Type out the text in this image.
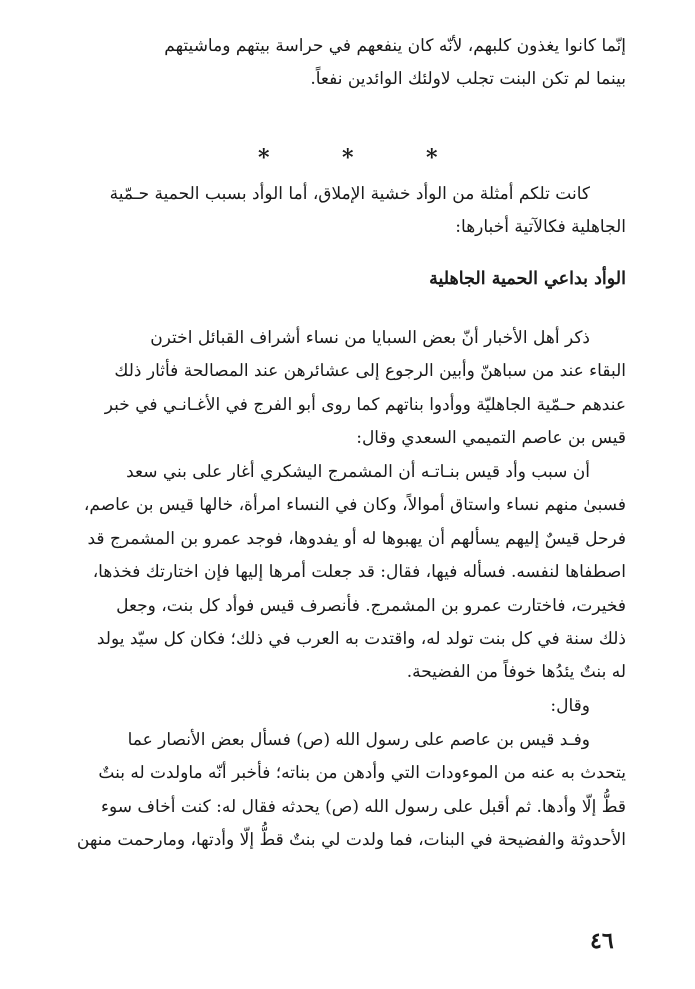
إنّما كانوا يغذون كلبهم، لأنّه كان ينفعهم في حراسة بيتهم وماشيتهم

بينما لم تكن البنت تجلب لاولئك الوائدين نفعاً.

*	*	*

كانت تلكم أمثلة من الوأد خشية الإملاق، أما الوأد بسبب الحمية حـمّية

الجاهلية فكالآتية أخبارها:

الوأد بداعي الحمية الجاهلية

ذكر أهل الأخبار أنّ بعض السبايا من نساء أشراف القبائل اخترن

البقاء عند من سباهنّ وأبين الرجوع إلى عشائرهن عند المصالحة فأثار ذلك

عندهم حـمّية الجاهليّة ووأدوا بناتهم كما روى أبو الفرج في الأغـانـي في خبر

قيس بن عاصم التميمي السعدي وقال:

أن سبب وأد قيس بنـاتـه أن المشمرج اليشكري أغار على بني سعد

فسبىٰ منهم نساء واستاق أموالاً، وكان في النساء امرأة، خالها قيس بن عاصم،

فرحل قيسٌ إليهم يسألهم أن يهبوها له أو يفدوها، فوجد عمرو بن المشمرج قد

اصطفاها لنفسه. فسأله فيها، فقال: قد جعلت أمرها إليها فإن اختارتك فخذها،

فخيرت، فاختارت عمرو بن المشمرج. فأنصرف قيس فوأد كل بنت، وجعل

ذلك سنة في كل بنت تولد له، واقتدت به العرب في ذلك؛ فكان كل سيّد يولد

له بنتٌ يئدُها خوفاً من الفضيحة.

وقال:

وفـد قيس بن عاصم على رسول الله (ص) فسأل بعض الأنصار عما

يتحدث به عنه من الموءودات التي وأدهن من بناته؛ فأخبر أنّه ماولدت له بنتٌ

قطُّ إلّا وأدها. ثم أقبل على رسول الله (ص) يحدثه فقال له: كنت أخاف سوء

الأحدوثة والفضيحة في البنات، فما ولدت لي بنتٌ قطُّ إلّا وأدتها، ومارحمت منهن

٤٦
